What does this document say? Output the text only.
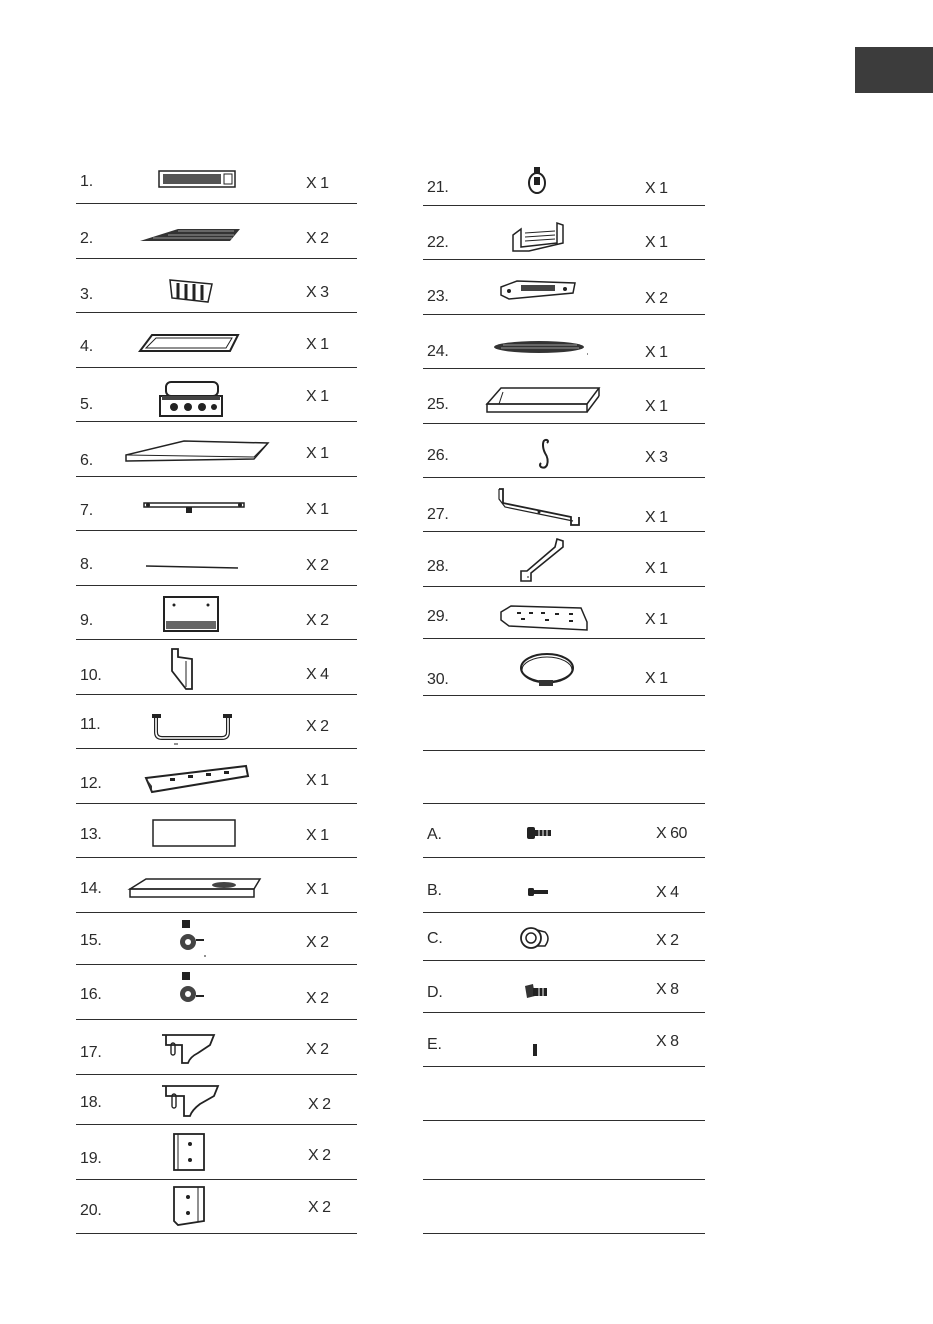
1.	X 1
2.	X 2
3.	X 3
4.	X 1
5.	X 1
6.	X 1
7.	X 1
8.	X 2
9.	X 2
10.	X 4
11.	X 2
12.	X 1
13.	X 1
14.	X 1
15.	X 2
16.	X 2
17.	X 2
18.	X 2
19.	X 2
20.	X 2
21.	X 1
22.	X 1
23.	X 2
24.	X 1
25.	X 1
26.	X 3
27.	X 1
28.	X 1
29.	X 1
30.	X 1
A.	X 60
B.	X 4
C.	X 2
D.	X 8
E.	X 8
